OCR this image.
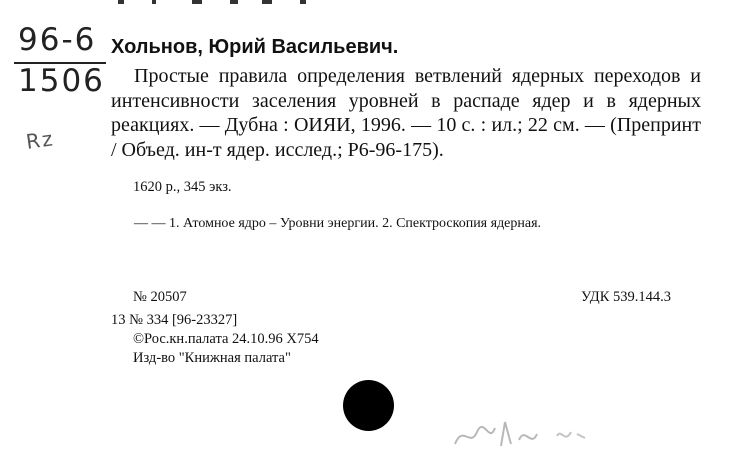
96-6
1506
Rz
Хольнов, Юрий Васильевич.
Простые правила определения ветвлений ядерных переходов и интенсивности заселения уровней в распаде ядер и в ядерных реакциях. — Дубна : ОИЯИ, 1996. — 10 с. : ил.; 22 см. — (Препринт / Объед. ин-т ядер. исслед.; Р6-96-175).
1620 р., 345 экз.
— — 1. Атомное ядро – Уровни энергии. 2. Спектроскопия ядерная.
№ 20507	УДК 539.144.3
13 № 334 [96-23327]
©Рос.кн.палата 24.10.96 Х754
Изд-во "Книжная палата"
